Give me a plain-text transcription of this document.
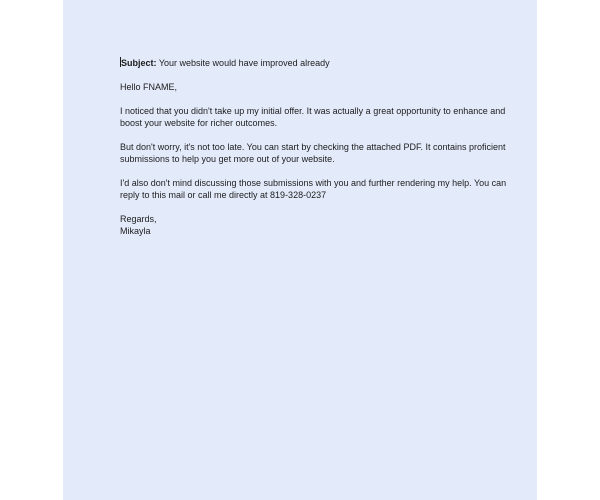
Subject: Your website would have improved already

Hello FNAME,

I noticed that you didn't take up my initial offer. It was actually a great opportunity to enhance and boost your website for richer outcomes.

But don't worry, it's not too late. You can start by checking the attached PDF. It contains proficient submissions to help you get more out of your website.

I'd also don't mind discussing those submissions with you and further rendering my help. You can reply to this mail or call me directly at 819-328-0237

Regards,

Mikayla
